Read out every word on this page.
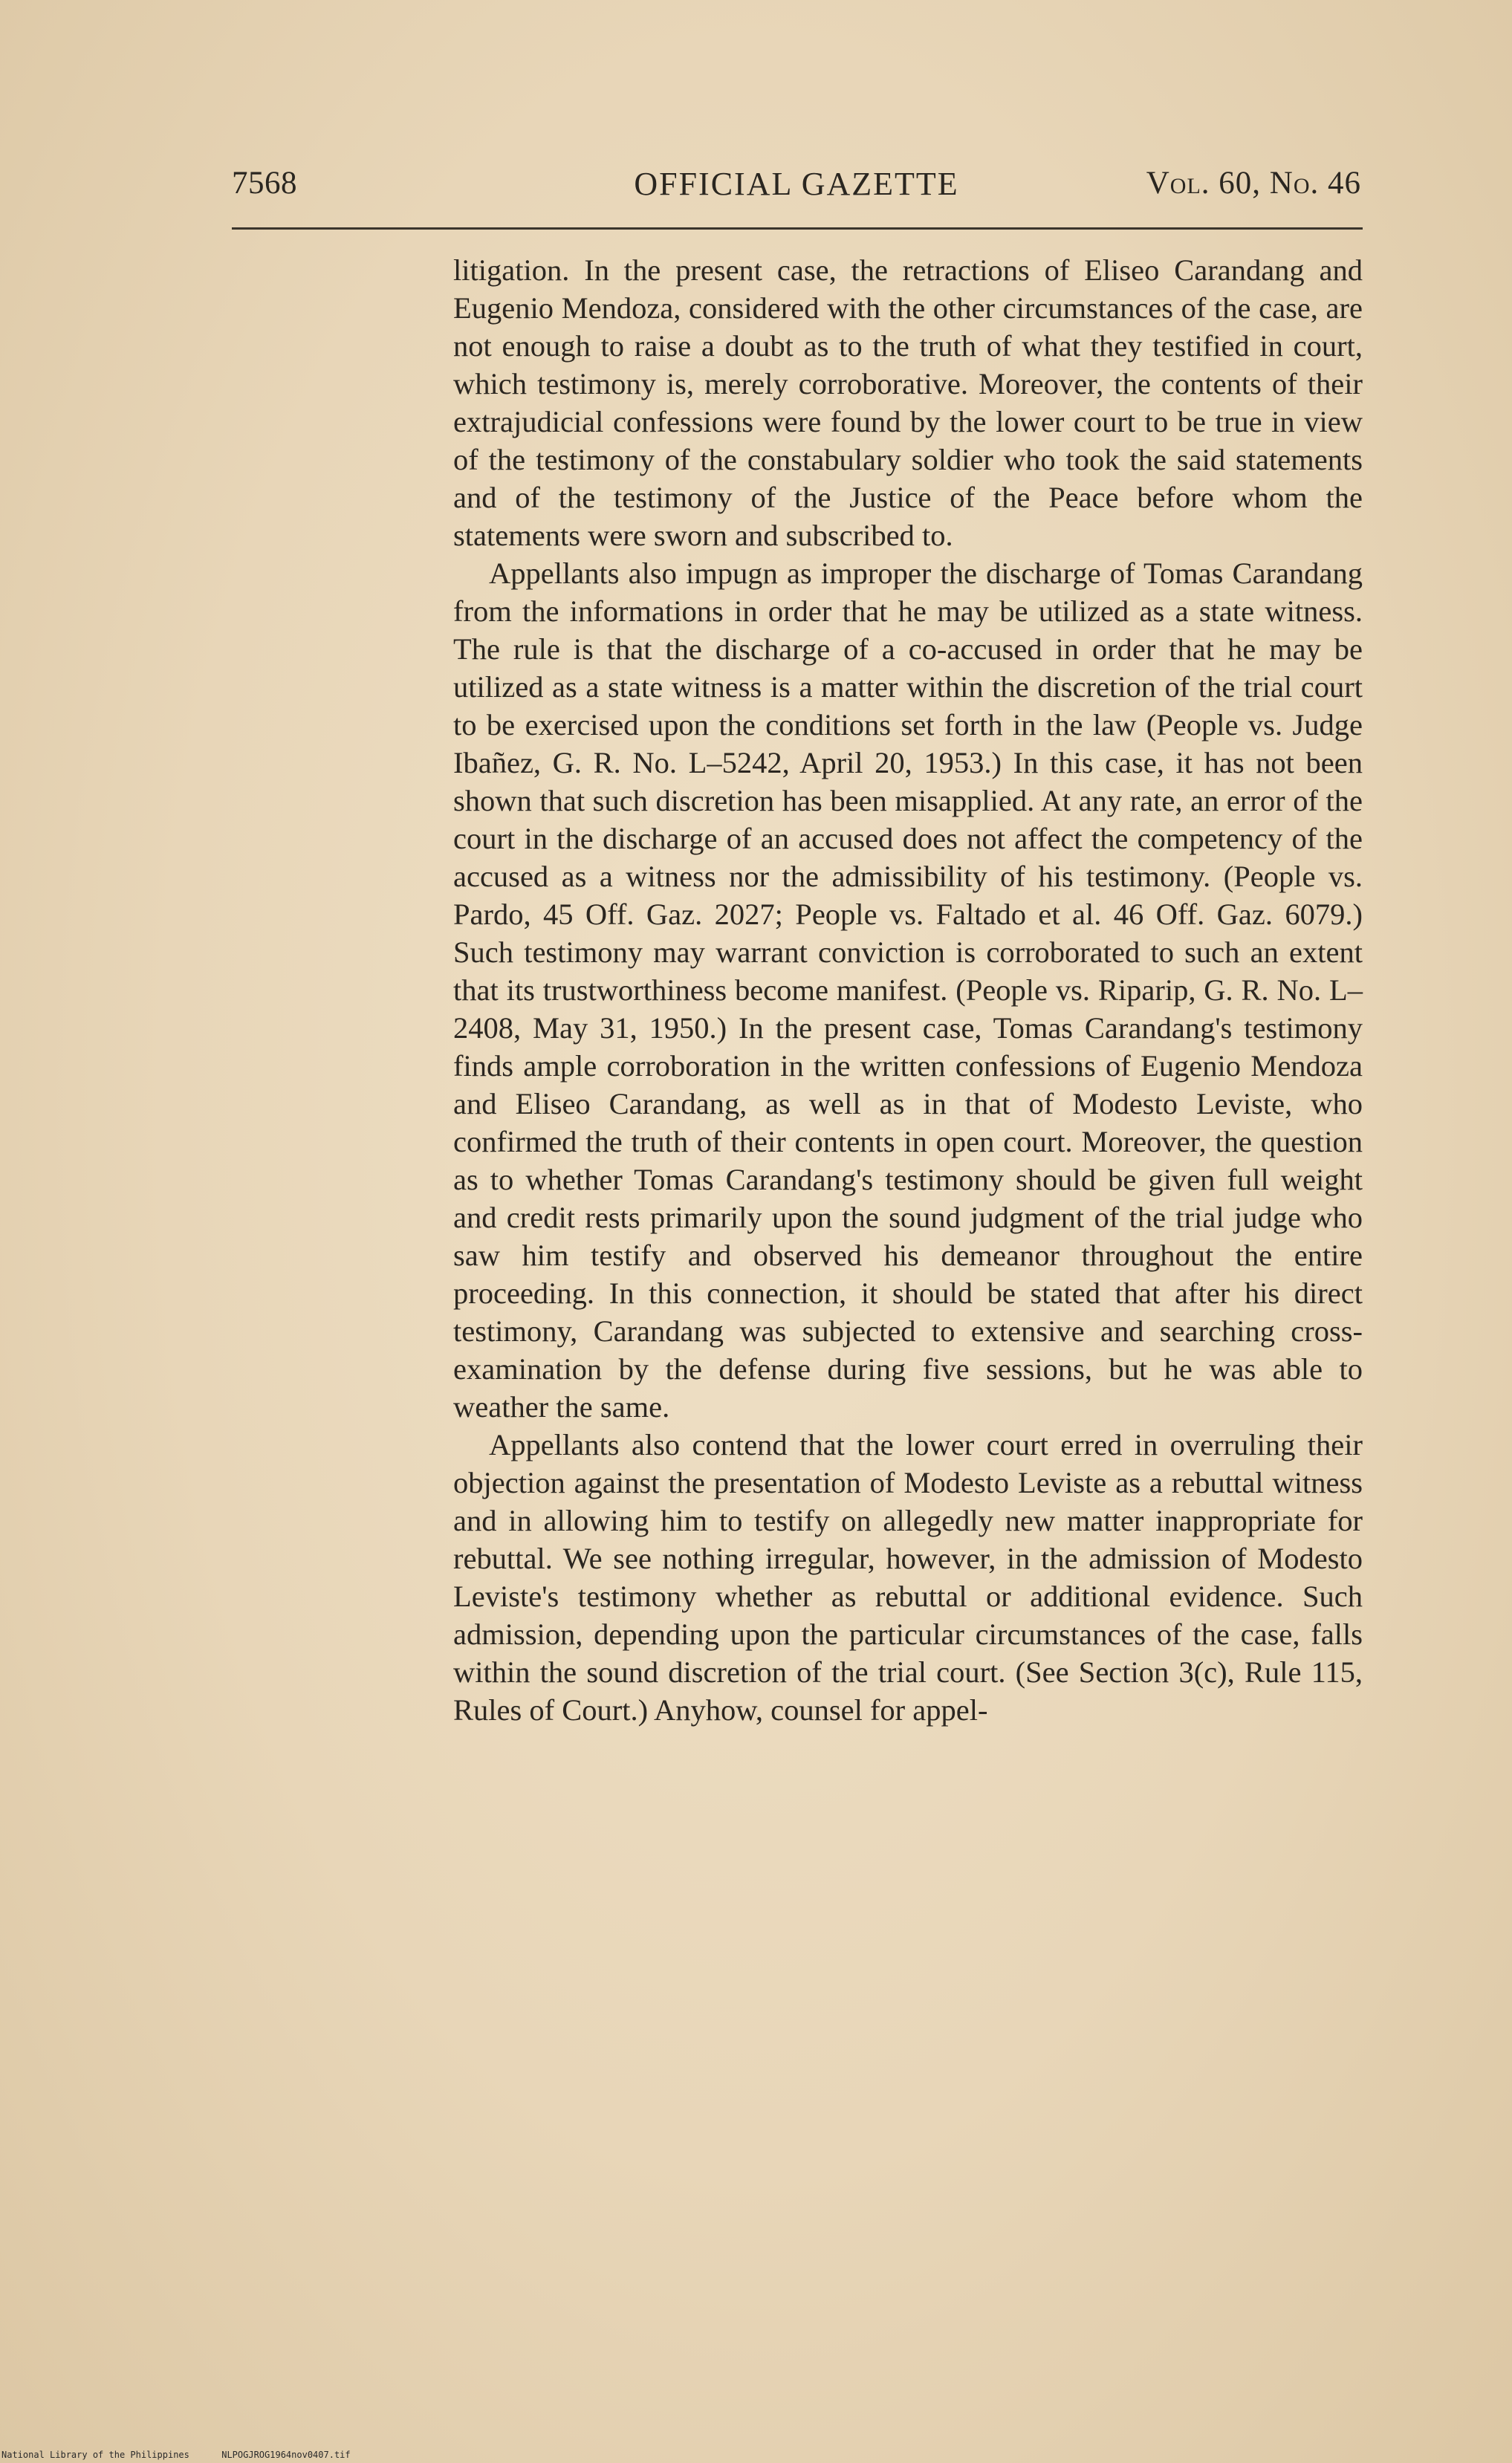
7568	OFFICIAL GAZETTE	Vol. 60, No. 46

litigation. In the present case, the retractions of Eliseo Carandang and Eugenio Mendoza, considered with the other circumstances of the case, are not enough to raise a doubt as to the truth of what they testified in court, which testimony is, merely corroborative. Moreover, the contents of their extrajudicial confessions were found by the lower court to be true in view of the testimony of the constabulary soldier who took the said statements and of the testimony of the Justice of the Peace before whom the statements were sworn and subscribed to.

Appellants also impugn as improper the discharge of Tomas Carandang from the informations in order that he may be utilized as a state witness. The rule is that the discharge of a co-accused in order that he may be utilized as a state witness is a matter within the discretion of the trial court to be exercised upon the conditions set forth in the law (People vs. Judge Ibañez, G. R. No. L–5242, April 20, 1953.) In this case, it has not been shown that such discretion has been misapplied. At any rate, an error of the court in the discharge of an accused does not affect the competency of the accused as a witness nor the admissibility of his testimony. (People vs. Pardo, 45 Off. Gaz. 2027; People vs. Faltado et al. 46 Off. Gaz. 6079.) Such testimony may warrant conviction is corroborated to such an extent that its trustworthiness become manifest. (People vs. Riparip, G. R. No. L–2408, May 31, 1950.) In the present case, Tomas Carandang's testimony finds ample corroboration in the written confessions of Eugenio Mendoza and Eliseo Carandang, as well as in that of Modesto Leviste, who confirmed the truth of their contents in open court. Moreover, the question as to whether Tomas Carandang's testimony should be given full weight and credit rests primarily upon the sound judgment of the trial judge who saw him testify and observed his demeanor throughout the entire proceeding. In this connection, it should be stated that after his direct testimony, Carandang was subjected to extensive and searching cross-examination by the defense during five sessions, but he was able to weather the same.

Appellants also contend that the lower court erred in overruling their objection against the presentation of Modesto Leviste as a rebuttal witness and in allowing him to testify on allegedly new matter inappropriate for rebuttal. We see nothing irregular, however, in the admission of Modesto Leviste's testimony whether as rebuttal or additional evidence. Such admission, depending upon the particular circumstances of the case, falls within the sound discretion of the trial court. (See Section 3(c), Rule 115, Rules of Court.) Anyhow, counsel for appel-

National Library of the Philippines	NLPOGJROG1964nov0407.tif
